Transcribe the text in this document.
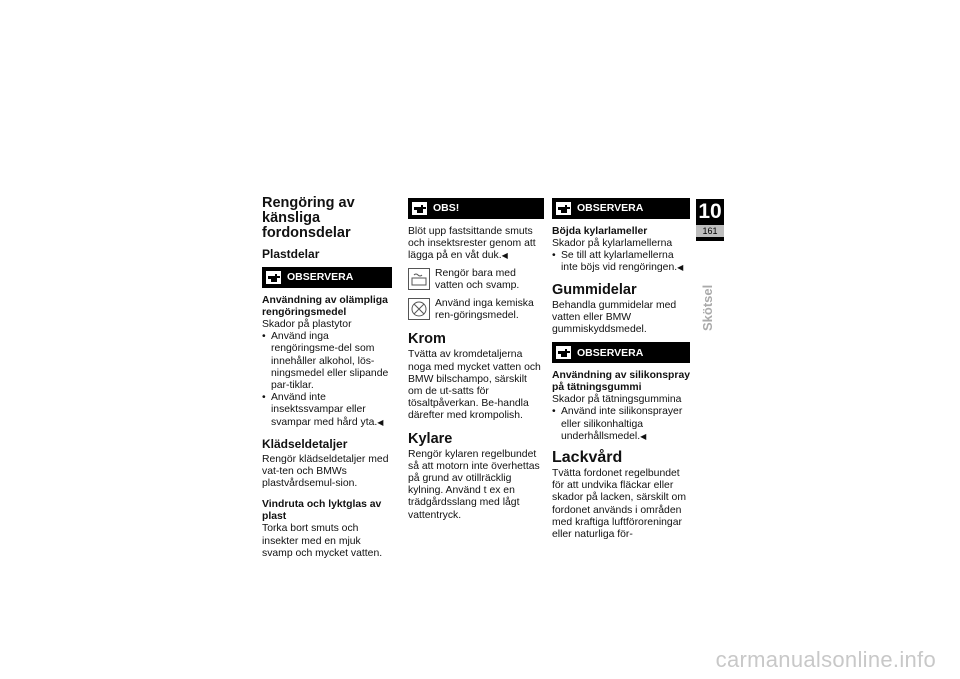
Rengöring av känsliga fordonsdelar
Plastdelar
OBSERVERA
Användning av olämpliga rengöringsmedel

Skador på plastytor

• Använd inga rengöringsme-del som innehåller alkohol, lös-ningsmedel eller slipande par-tiklar.
• Använd inte insektssvampar eller svampar med hård yta.◀
Klädseldetaljer

Rengör klädseldetaljer med vat-ten och BMWs plastvårdsemul-sion.

Vindruta och lyktglas av plast

Torka bort smuts och insekter med en mjuk svamp och mycket vatten.

OBS!

Blöt upp fastsittande smuts och insektsrester genom att lägga på en våt duk.◀

Rengör bara med vatten och svamp.
Använd inga kemiska ren-göringsmedel.
Krom

Tvätta av kromdetaljerna noga med mycket vatten och BMW bilschampo, särskilt om de ut-satts för tösaltpåverkan. Be-handla därefter med krompolish.

Kylare

Rengör kylaren regelbundet så att motorn inte överhettas på grund av otillräcklig kylning. Använd t ex en trädgårdsslang med lågt vattentryck.

OBSERVERA
Böjda kylarlameller

Skador på kylarlamellerna

• Se till att kylarlamellerna inte böjs vid rengöringen.◀
Gummidelar

Behandla gummidelar med vatten eller BMW gummiskyddsmedel.

OBSERVERA
Användning av silikonspray på tätningsgummi

Skador på tätningsgummina

• Använd inte silikonsprayer eller silikonhaltiga underhållsmedel.◀
Lackvård

Tvätta fordonet regelbundet för att undvika fläckar eller skador på lacken, särskilt om fordonet används i områden med kraftiga luftföroreningar eller naturliga för-

10
161
Skötsel
carmanualsonline.info
